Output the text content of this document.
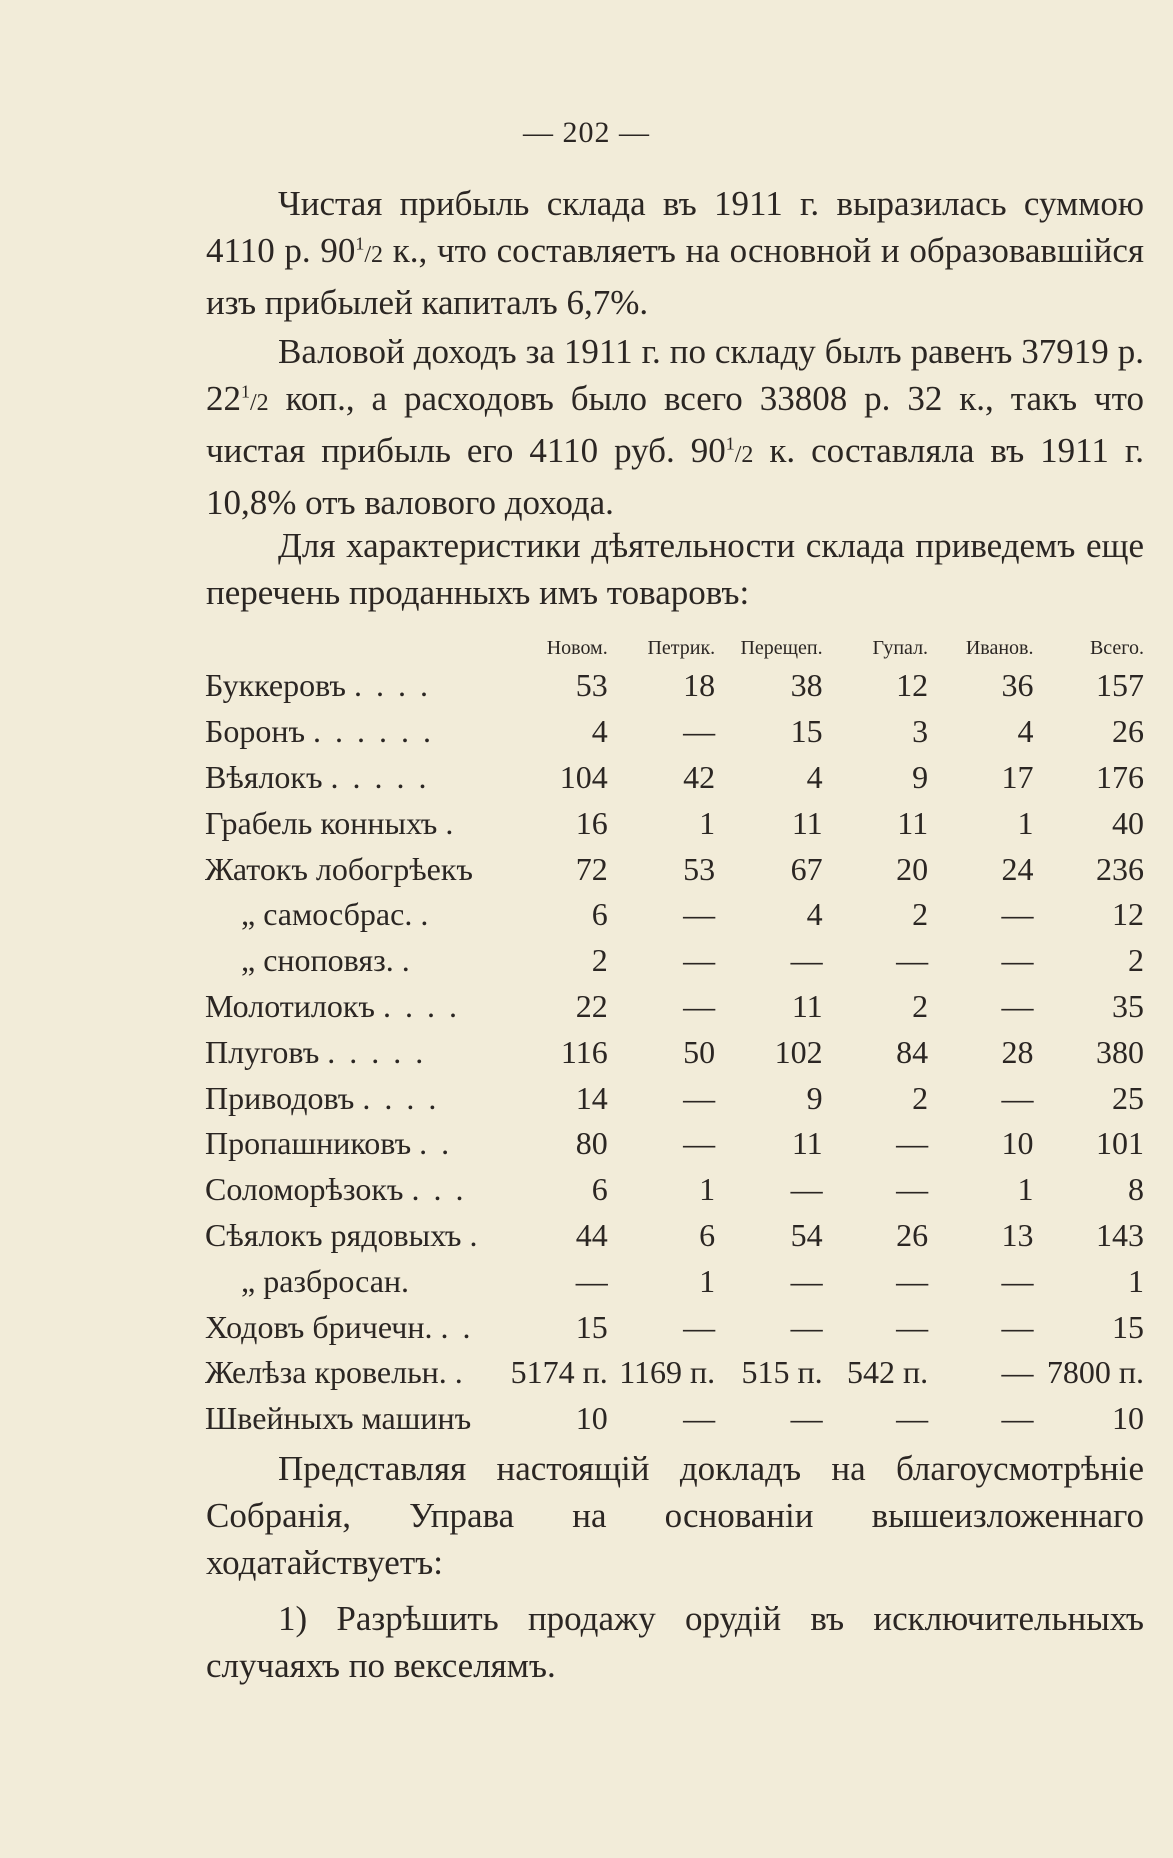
— 202 —

Чистая прибыль склада въ 1911 г. выразилась суммою 4110 р. $90^1/2$ к., что составляетъ на основной и образовавшійся изъ прибылей капиталъ 6,7%.

Валовой доходъ за 1911 г. по складу былъ равенъ 37919 р. $22^1/2$ коп., а расходовъ было всего 33808 р. 32 к., такъ что чистая прибыль его 4110 руб. $90^1/2$ к. составляла въ 1911 г. 10,8% отъ валового дохода.

Для характеристики дѣятельности склада приведемъ еще перечень проданныхъ имъ товаровъ:

	Новом.	Петрик.	Перещеп.	Гупал.	Иванов.	Всего.
Буккеровъ . . . .	53	18	38	12	36	157
Боронъ . . . . . .	4	—	15	3	4	26
Вѣялокъ . . . . .	104	42	4	9	17	176
Грабель конныхъ .	16	1	11	11	1	40
Жатокъ лобогрѣекъ	72	53	67	20	24	236
„ самосбрас. .	6	—	4	2	—	12
„ сноповяз. .	2	—	—	—	—	2
Молотилокъ . . . .	22	—	11	2	—	35
Плуговъ . . . . .	116	50	102	84	28	380
Приводовъ . . . .	14	—	9	2	—	25
Пропашниковъ . .	80	—	11	—	10	101
Соломорѣзокъ . . .	6	1	—	—	1	8
Сѣялокъ рядовыхъ .	44	6	54	26	13	143
„ разбросан.	—	1	—	—	—	1
Ходовъ бричечн. . .	15	—	—	—	—	15
Желѣза кровельн. .	5174 п.	1169 п.	515 п.	542 п.	—	7800 п.
Швейныхъ машинъ	10	—	—	—	—	10

Представляя настоящій докладъ на благоусмотрѣніе Собранія, Управа на основаніи вышеизложеннаго ходатайствуетъ:

1) Разрѣшить продажу орудій въ исключительныхъ случаяхъ по векселямъ.
